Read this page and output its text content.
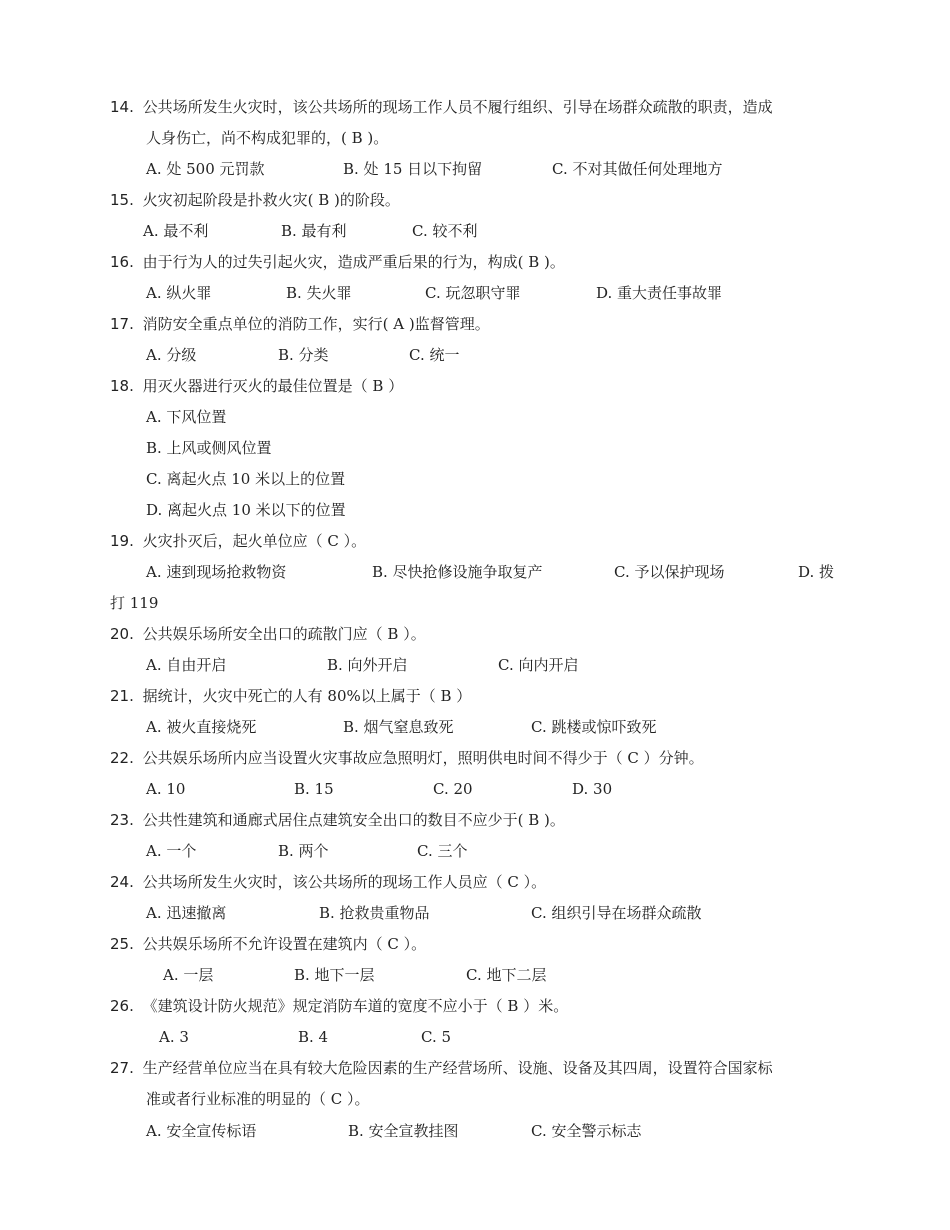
14. 公共场所发生火灾时，该公共场所的现场工作人员不履行组织、引导在场群众疏散的职责，造成
人身伤亡，尚不构成犯罪的，( B )。
A. 处 500 元罚款	B. 处 15 日以下拘留	C. 不对其做任何处理地方
15. 火灾初起阶段是扑救火灾( B )的阶段。
A. 最不利	B. 最有利	C. 较不利
16. 由于行为人的过失引起火灾，造成严重后果的行为，构成( B )。
A. 纵火罪	B. 失火罪	C. 玩忽职守罪	D. 重大责任事故罪
17. 消防安全重点单位的消防工作，实行( A )监督管理。
A. 分级	B. 分类	C. 统一
18. 用灭火器进行灭火的最佳位置是（ B ）
A. 下风位置
B. 上风或侧风位置
C. 离起火点 10 米以上的位置
D. 离起火点 10 米以下的位置
19. 火灾扑灭后，起火单位应（ C ）。
A. 速到现场抢救物资	B. 尽快抢修设施争取复产	C. 予以保护现场	D. 拨
打 119
20. 公共娱乐场所安全出口的疏散门应（ B ）。
A. 自由开启	B. 向外开启	C. 向内开启
21. 据统计，火灾中死亡的人有 80%以上属于（ B ）
A. 被火直接烧死	B. 烟气窒息致死	C. 跳楼或惊吓致死
22. 公共娱乐场所内应当设置火灾事故应急照明灯，照明供电时间不得少于（ C ）分钟。
A. 10	B. 15	C. 20	D. 30
23. 公共性建筑和通廊式居住点建筑安全出口的数目不应少于( B )。
A. 一个	B. 两个	C. 三个
24. 公共场所发生火灾时，该公共场所的现场工作人员应（ C ）。
A. 迅速撤离	B. 抢救贵重物品	C. 组织引导在场群众疏散
25. 公共娱乐场所不允许设置在建筑内（ C ）。
A. 一层	B. 地下一层	C. 地下二层
26. 《建筑设计防火规范》规定消防车道的宽度不应小于（ B ）米。
A. 3	B. 4	C. 5
27. 生产经营单位应当在具有较大危险因素的生产经营场所、设施、设备及其四周，设置符合国家标
准或者行业标准的明显的（ C ）。
A. 安全宣传标语	B. 安全宣教挂图	C. 安全警示标志
